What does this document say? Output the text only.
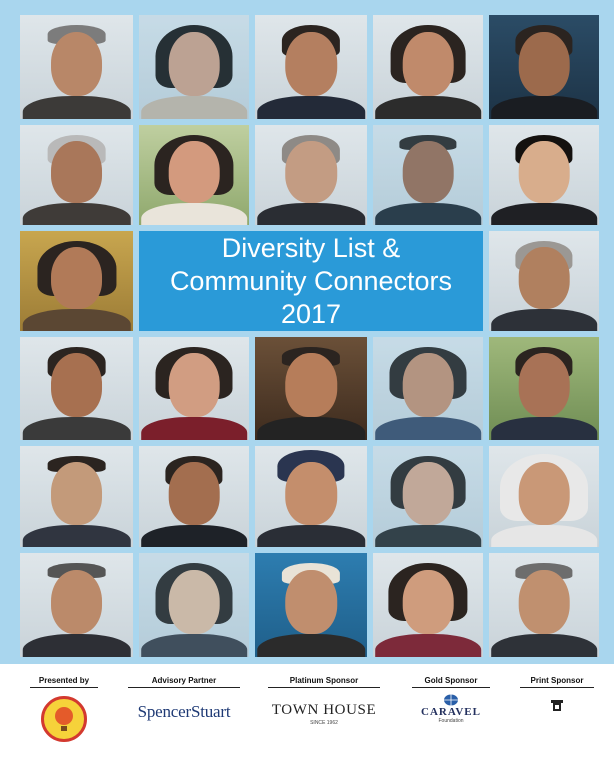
Diversity List &
Community Connectors
2017
Presented by	Advisory Partner
SpencerStuart
Platinum Sponsor
TOWN HOUSE
SINCE 1962
Gold Sponsor
CARAVEL
Foundation
Print Sponsor
